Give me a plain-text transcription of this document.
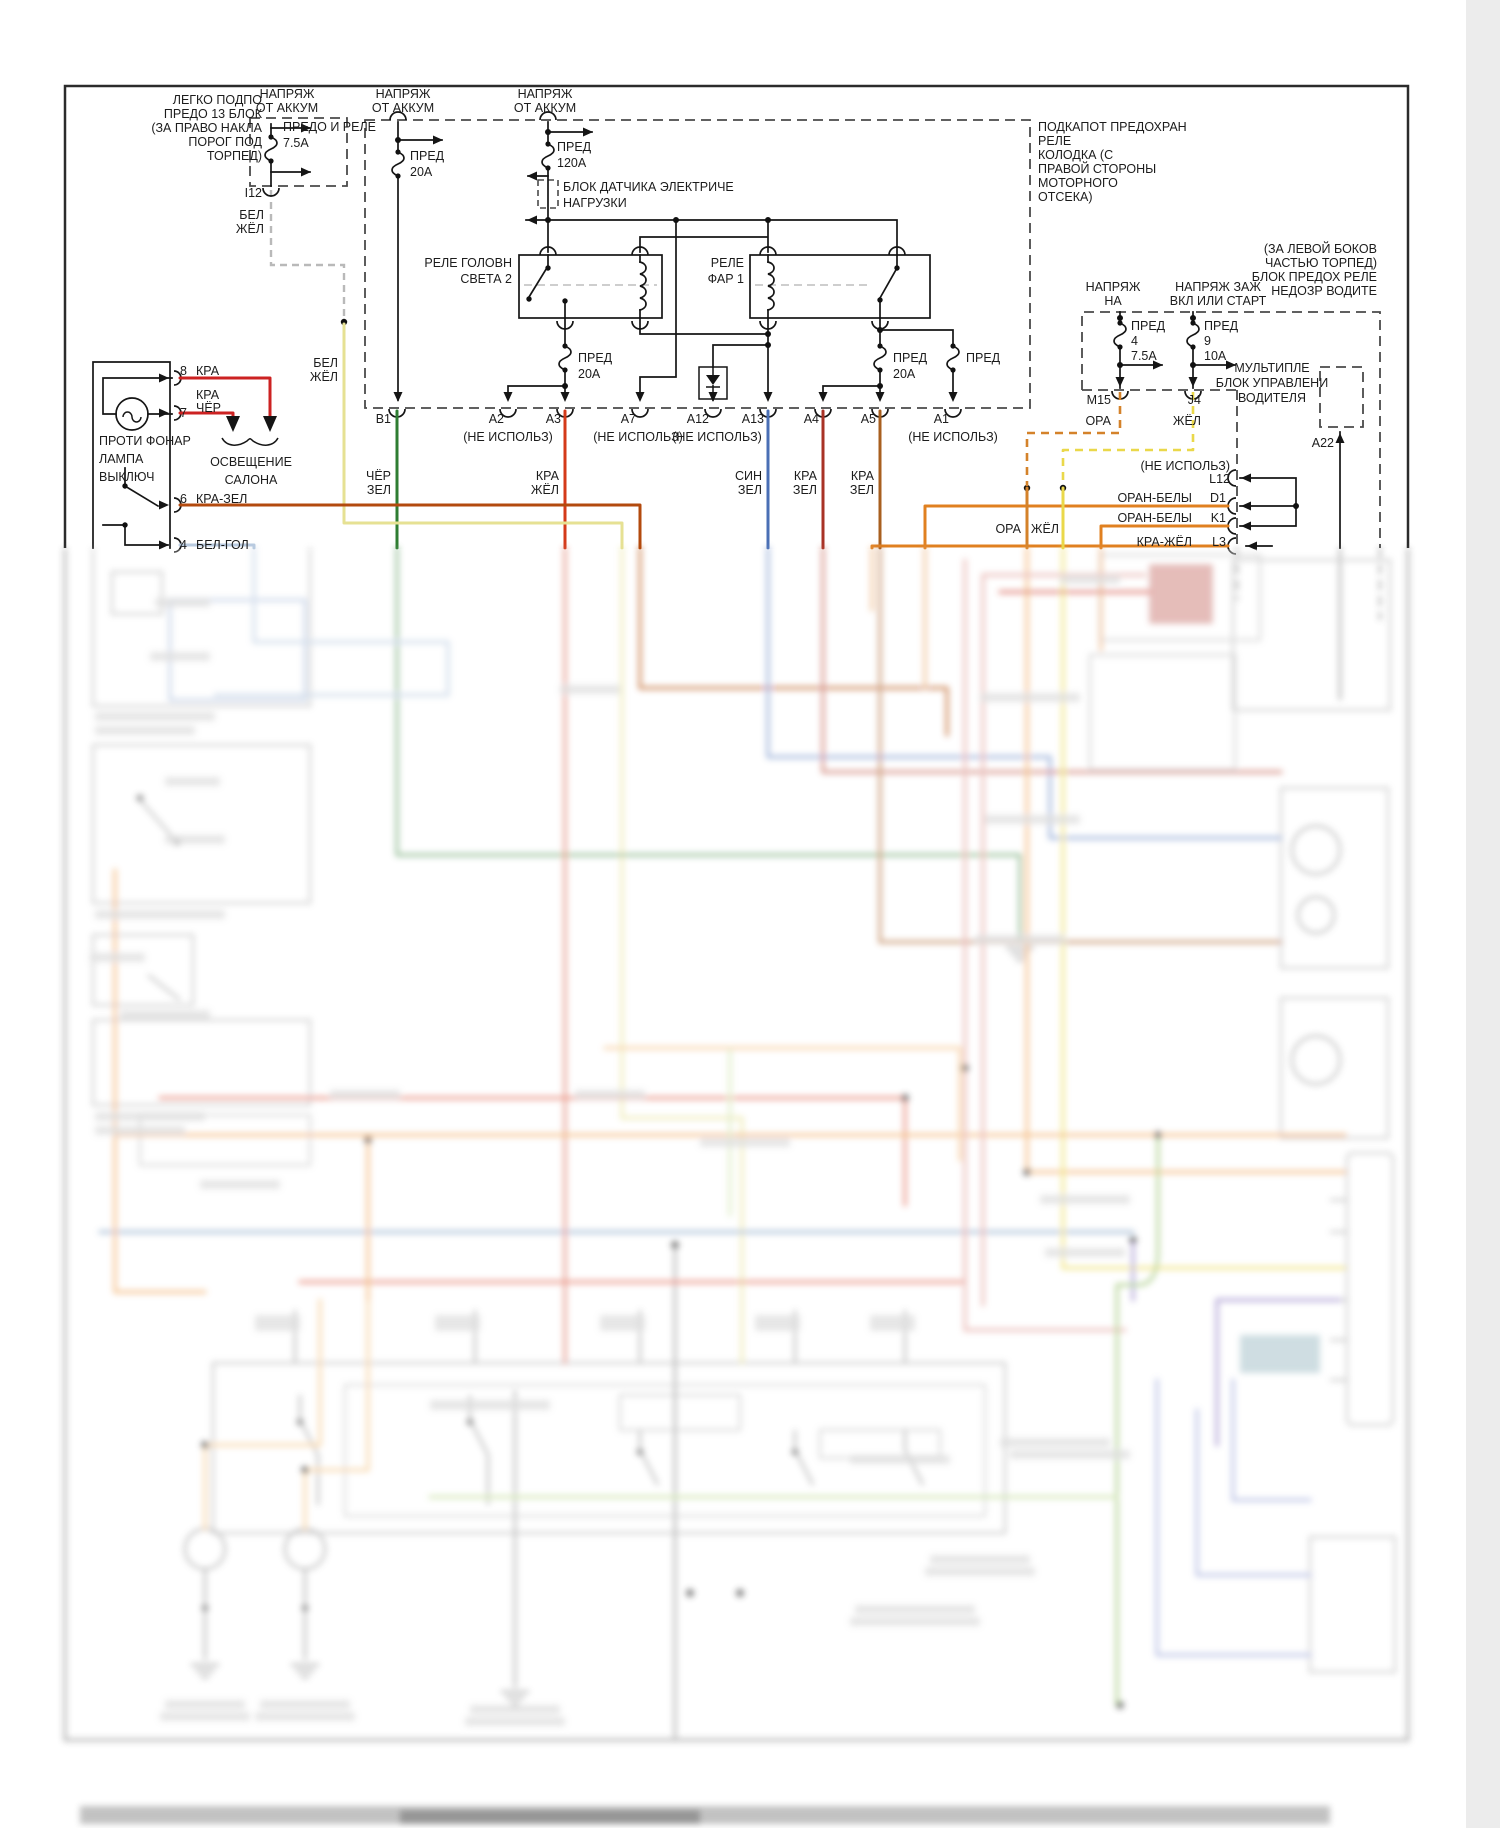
НАПРЯЖ
ОТ АККУМ
НАПРЯЖ
ОТ АККУМ
НАПРЯЖ
ОТ АККУМ
ЛЕГКО ПОДПО
ПРЕДО 13 БЛОК
(ЗА ПРАВО НАКЛА
ПОРОГ ПОД
ТОРПЕД)
ПРЕДО И РЕЛЕ
7.5A
I12
БЕЛ
ЖЁЛ
БЕЛ
ЖЁЛ
ПРЕД
20A
ПРЕД
120A
БЛОК ДАТЧИКА ЭЛЕКТРИЧЕ
НАГРУЗКИ
РЕЛЕ ГОЛОВН
СВЕТА 2
РЕЛЕ
ФАР 1
ПОДКАПОТ ПРЕДОХРАН
РЕЛЕ
КОЛОДКА (С
ПРАВОЙ СТОРОНЫ
МОТОРНОГО
ОТСЕКА)
ПРЕД
20A
ПРЕД
20A
ПРЕД
B1	A2	A3	A7	A12	A13	A4	A5	A1
(НЕ ИСПОЛЬЗ)	(НЕ ИСПОЛЬЗ)
(НЕ ИСПОЛЬЗ)	(НЕ ИСПОЛЬЗ)
ЧЁР
ЗЕЛ
КРА
ЖЁЛ
СИН
ЗЕЛ
КРА
ЗЕЛ
КРА
ЗЕЛ
ПРОТИ ФОНАР
ЛАМПА
ВЫКЛЮЧ
ОСВЕЩЕНИЕ
САЛОНА
8 КРА
КРА
ЧЁР
7
6 КРА-ЗЕЛ
4 БЕЛ-ГОЛ
(ЗА ЛЕВОЙ БОКОВ
ЧАСТЬЮ ТОРПЕД)
БЛОК ПРЕДОХ РЕЛЕ
НЕДОЗР ВОДИТЕ
НАПРЯЖ
НА
НАПРЯЖ ЗАЖ
ВКЛ ИЛИ СТАРТ
ПРЕД
4
7.5A
ПРЕД
9
10A
МУЛЬТИПЛЕ
БЛОК УПРАВЛЕНИ
ВОДИТЕЛЯ
M15
ОРА
J4
ЖЁЛ
A22
(НЕ ИСПОЛЬЗ)
L12
ОРАН-БЕЛЫ D1
ОРАН-БЕЛЫ K1
КРА-ЖЁЛ L3
ОРА ЖЁЛ
